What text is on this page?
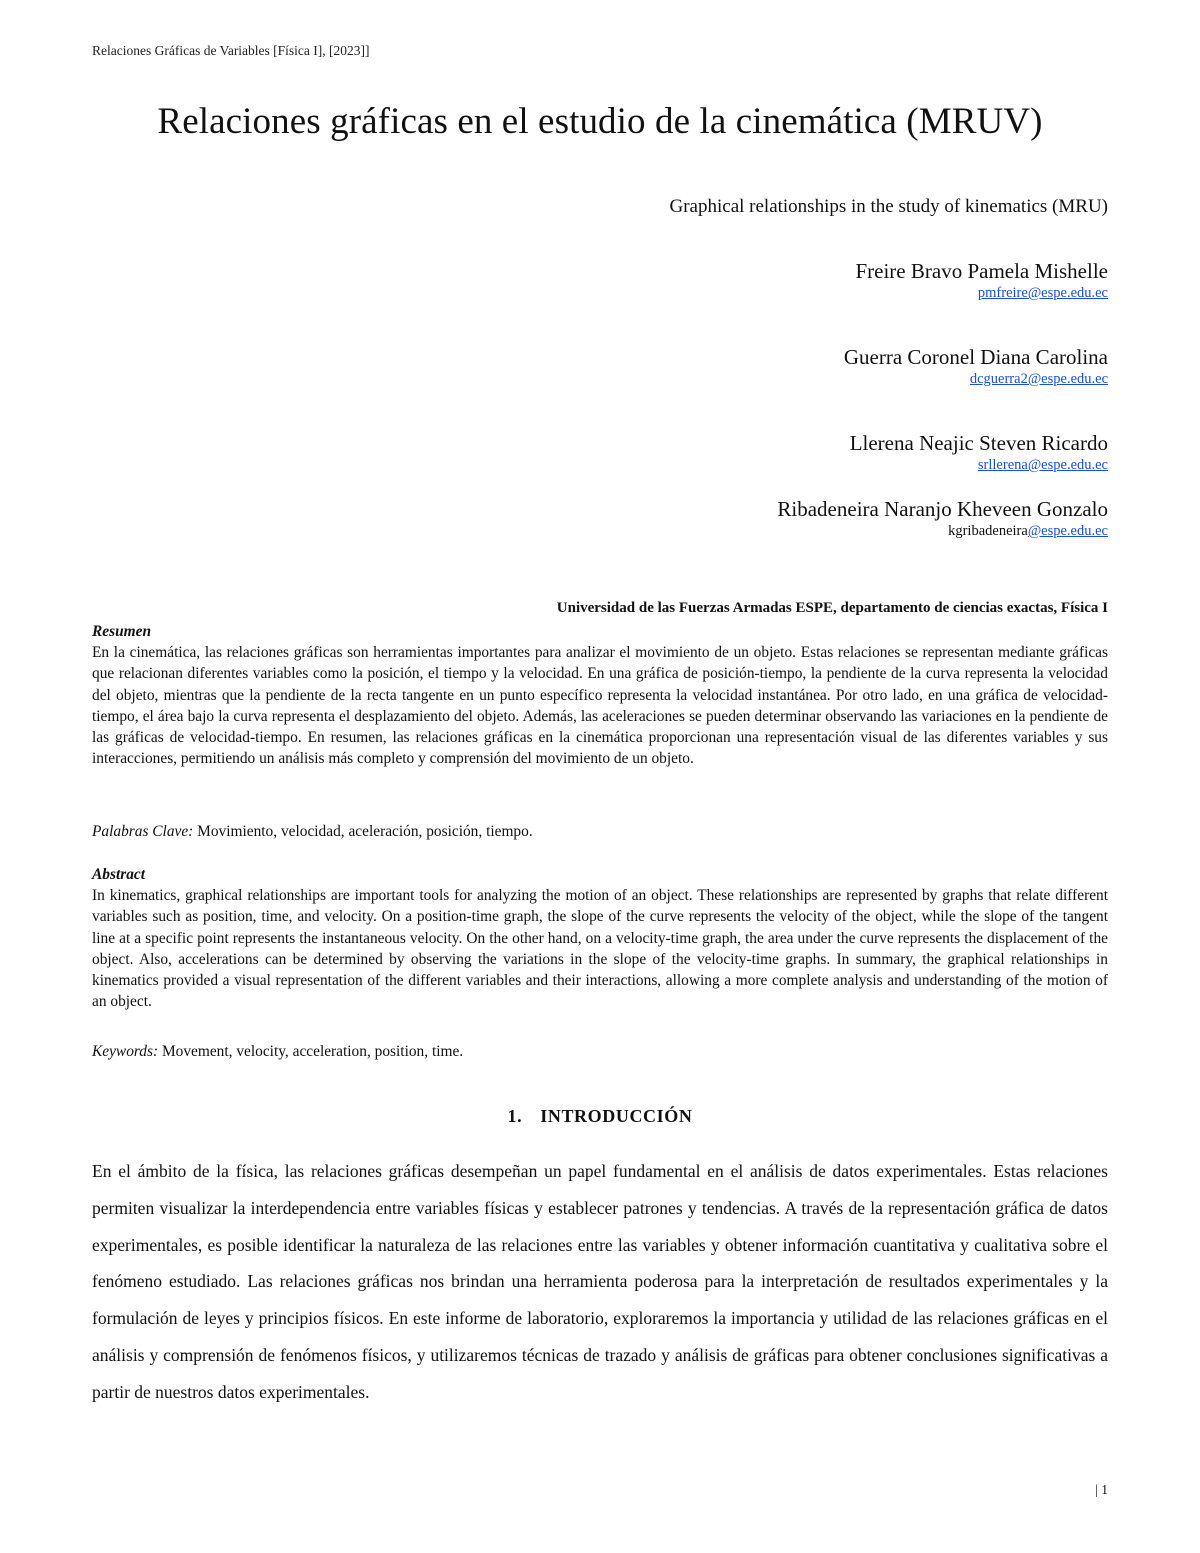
Relaciones Gráficas de Variables [Física I], [2023]]
Relaciones gráficas en el estudio de la cinemática (MRUV)
Graphical relationships in the study of kinematics (MRU)
Freire Bravo Pamela Mishelle
pmfreire@espe.edu.ec
Guerra Coronel Diana Carolina
dcguerra2@espe.edu.ec
Llerena Neajic Steven Ricardo
srllerena@espe.edu.ec
Ribadeneira Naranjo Kheveen Gonzalo
kgribadeneira@espe.edu.ec
Universidad de las Fuerzas Armadas ESPE, departamento de ciencias exactas, Física I
Resumen

En la cinemática, las relaciones gráficas son herramientas importantes para analizar el movimiento de un objeto. Estas relaciones se representan mediante gráficas que relacionan diferentes variables como la posición, el tiempo y la velocidad. En una gráfica de posición-tiempo, la pendiente de la curva representa la velocidad del objeto, mientras que la pendiente de la recta tangente en un punto específico representa la velocidad instantánea. Por otro lado, en una gráfica de velocidad-tiempo, el área bajo la curva representa el desplazamiento del objeto. Además, las aceleraciones se pueden determinar observando las variaciones en la pendiente de las gráficas de velocidad-tiempo. En resumen, las relaciones gráficas en la cinemática proporcionan una representación visual de las diferentes variables y sus interacciones, permitiendo un análisis más completo y comprensión del movimiento de un objeto.

Palabras Clave: Movimiento, velocidad, aceleración, posición, tiempo.
Abstract

In kinematics, graphical relationships are important tools for analyzing the motion of an object. These relationships are represented by graphs that relate different variables such as position, time, and velocity. On a position-time graph, the slope of the curve represents the velocity of the object, while the slope of the tangent line at a specific point represents the instantaneous velocity. On the other hand, on a velocity-time graph, the area under the curve represents the displacement of the object. Also, accelerations can be determined by observing the variations in the slope of the velocity-time graphs. In summary, the graphical relationships in kinematics provided a visual representation of the different variables and their interactions, allowing a more complete analysis and understanding of the motion of an object.

Keywords: Movement, velocity, acceleration, position, time.
1. INTRODUCCIÓN

En el ámbito de la física, las relaciones gráficas desempeñan un papel fundamental en el análisis de datos experimentales. Estas relaciones permiten visualizar la interdependencia entre variables físicas y establecer patrones y tendencias. A través de la representación gráfica de datos experimentales, es posible identificar la naturaleza de las relaciones entre las variables y obtener información cuantitativa y cualitativa sobre el fenómeno estudiado. Las relaciones gráficas nos brindan una herramienta poderosa para la interpretación de resultados experimentales y la formulación de leyes y principios físicos. En este informe de laboratorio, exploraremos la importancia y utilidad de las relaciones gráficas en el análisis y comprensión de fenómenos físicos, y utilizaremos técnicas de trazado y análisis de gráficas para obtener conclusiones significativas a partir de nuestros datos experimentales.

| 1
